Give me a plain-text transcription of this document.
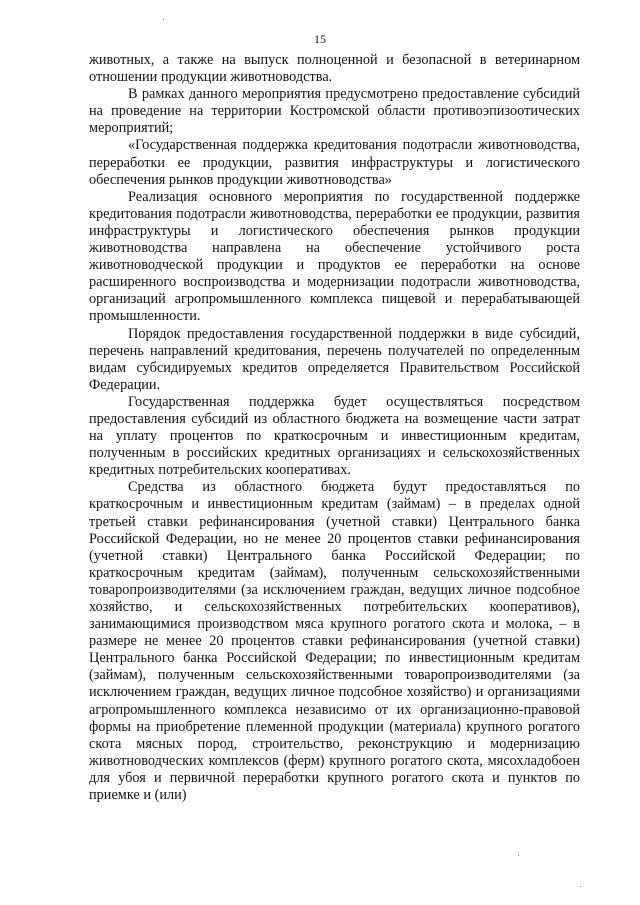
15

животных, а также на выпуск полноценной и безопасной в ветеринарном отношении продукции животноводства.

В рамках данного мероприятия предусмотрено предоставление субсидий на проведение на территории Костромской области противоэпизоотических мероприятий;

«Государственная поддержка кредитования подотрасли животноводства, переработки ее продукции, развития инфраструктуры и логистического обеспечения рынков продукции животноводства»

Реализация основного мероприятия по государственной поддержке кредитования подотрасли животноводства, переработки ее продукции, развития инфраструктуры и логистического обеспечения рынков продукции животноводства направлена на обеспечение устойчивого роста животноводческой продукции и продуктов ее переработки на основе расширенного воспроизводства и модернизации подотрасли животноводства, организаций агропромышленного комплекса пищевой и перерабатывающей промышленности.

Порядок предоставления государственной поддержки в виде субсидий, перечень направлений кредитования, перечень получателей по определенным видам субсидируемых кредитов определяется Правительством Российской Федерации.

Государственная поддержка будет осуществляться посредством предоставления субсидий из областного бюджета на возмещение части затрат на уплату процентов по краткосрочным и инвестиционным кредитам, полученным в российских кредитных организациях и сельскохозяйственных кредитных потребительских кооперативах.

Средства из областного бюджета будут предоставляться по краткосрочным и инвестиционным кредитам (займам) – в пределах одной третьей ставки рефинансирования (учетной ставки) Центрального банка Российской Федерации, но не менее 20 процентов ставки рефинансирования (учетной ставки) Центрального банка Российской Федерации; по краткосрочным кредитам (займам), полученным сельскохозяйственными товаропроизводителями (за исключением граждан, ведущих личное подсобное хозяйство, и сельскохозяйственных потребительских кооперативов), занимающимися производством мяса крупного рогатого скота и молока, – в размере не менее 20 процентов ставки рефинансирования (учетной ставки) Центрального банка Российской Федерации; по инвестиционным кредитам (займам), полученным сельскохозяйственными товаропроизводителями (за исключением граждан, ведущих личное подсобное хозяйство) и организациями агропромышленного комплекса независимо от их организационно-правовой формы на приобретение племенной продукции (материала) крупного рогатого скота мясных пород, строительство, реконструкцию и модернизацию животноводческих комплексов (ферм) крупного рогатого скота, мясохладобоен для убоя и первичной переработки крупного рогатого скота и пунктов по приемке и (или)
